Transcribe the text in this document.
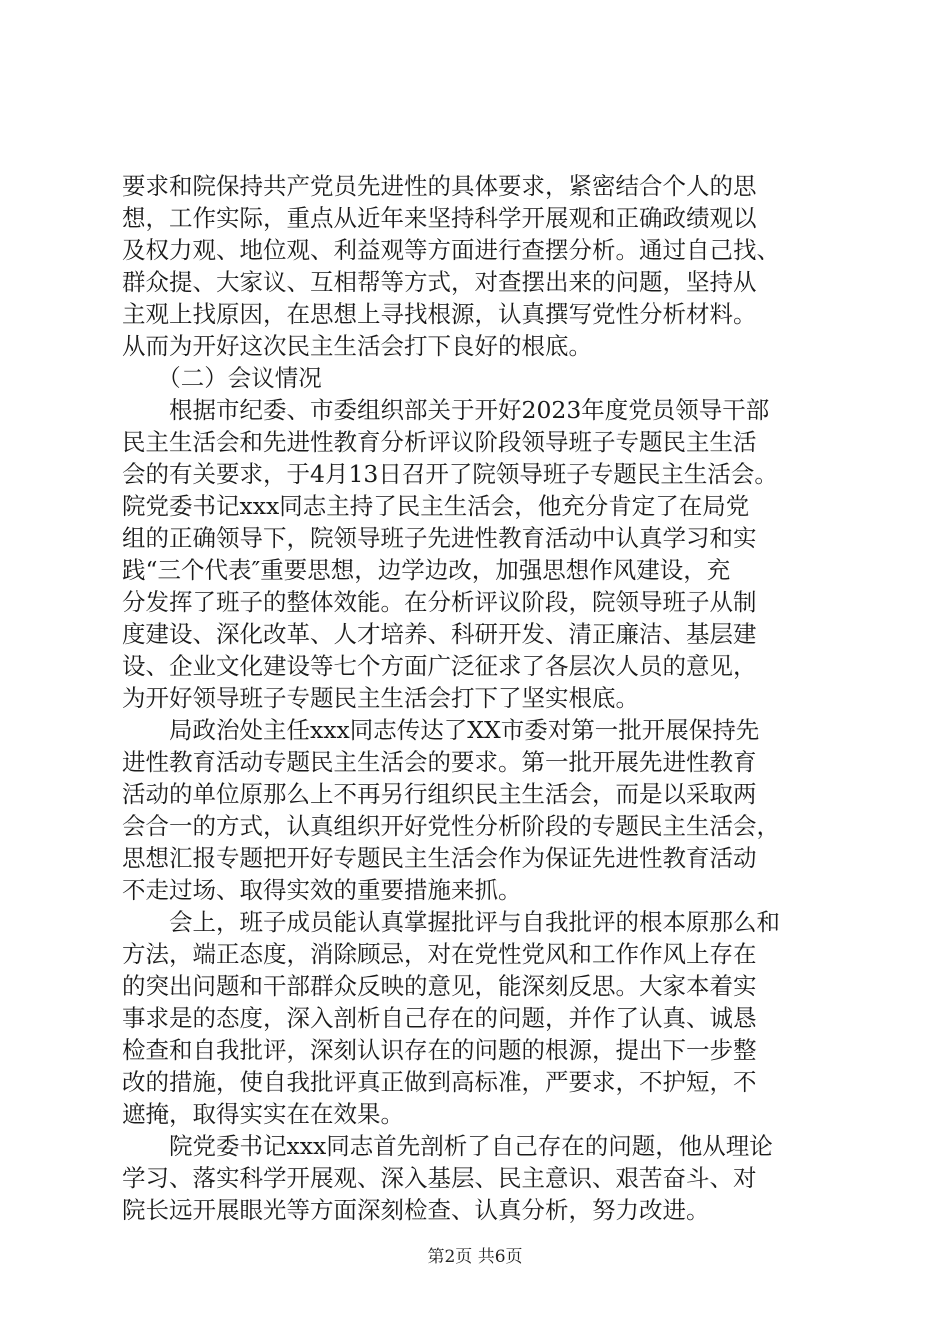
要求和院保持共产党员先进性的具体要求，紧密结合个人的思
想，工作实际，重点从近年来坚持科学开展观和正确政绩观以
及权力观、地位观、利益观等方面进行查摆分析。通过自己找、
群众提、大家议、互相帮等方式，对查摆出来的问题，坚持从
主观上找原因，在思想上寻找根源，认真撰写党性分析材料。
从而为开好这次民主生活会打下良好的根底。
　　（二）会议情况
　　根据市纪委、市委组织部关于开好2023年度党员领导干部
民主生活会和先进性教育分析评议阶段领导班子专题民主生活
会的有关要求，于4月13日召开了院领导班子专题民主生活会。
院党委书记xxx同志主持了民主生活会，他充分肯定了在局党
组的正确领导下，院领导班子先进性教育活动中认真学习和实
践“三个代表″重要思想，边学边改，加强思想作风建设，充
分发挥了班子的整体效能。在分析评议阶段，院领导班子从制
度建设、深化改革、人才培养、科研开发、清正廉洁、基层建
设、企业文化建设等七个方面广泛征求了各层次人员的意见，
为开好领导班子专题民主生活会打下了坚实根底。
　　局政治处主任xxx同志传达了XX市委对第一批开展保持先
进性教育活动专题民主生活会的要求。第一批开展先进性教育
活动的单位原那么上不再另行组织民主生活会，而是以采取两
会合一的方式，认真组织开好党性分析阶段的专题民主生活会，
思想汇报专题把开好专题民主生活会作为保证先进性教育活动
不走过场、取得实效的重要措施来抓。
　　会上，班子成员能认真掌握批评与自我批评的根本原那么和
方法，端正态度，消除顾忌，对在党性党风和工作作风上存在
的突出问题和干部群众反映的意见，能深刻反思。大家本着实
事求是的态度，深入剖析自己存在的问题，并作了认真、诚恳
检查和自我批评，深刻认识存在的问题的根源，提出下一步整
改的措施，使自我批评真正做到高标准，严要求，不护短，不
遮掩，取得实实在在效果。
　　院党委书记xxx同志首先剖析了自己存在的问题，他从理论
学习、落实科学开展观、深入基层、民主意识、艰苦奋斗、对
院长远开展眼光等方面深刻检查、认真分析，努力改进。
第2页 共6页
